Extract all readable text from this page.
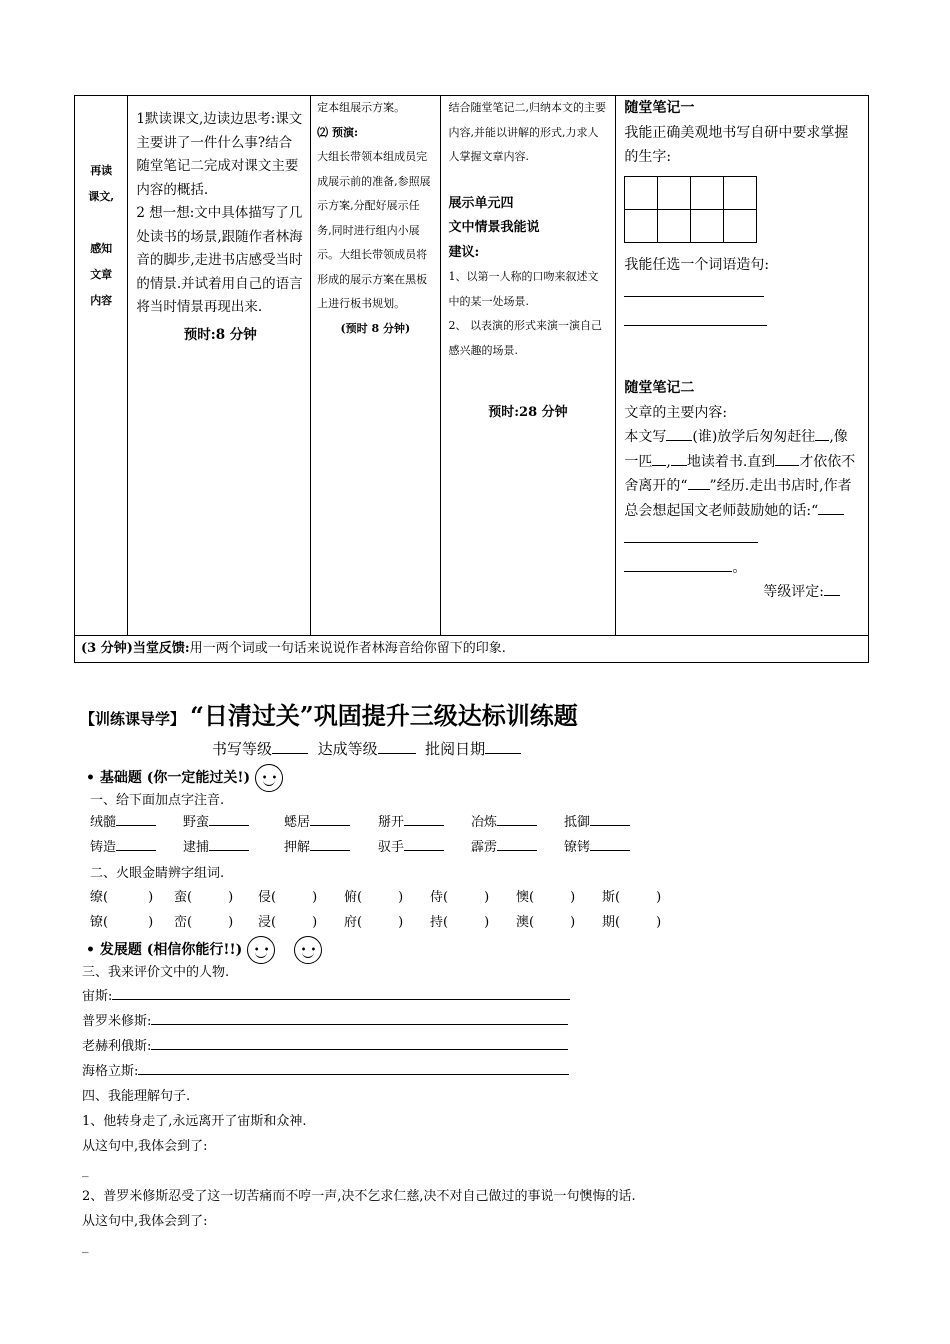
再读
课文,
感知
文章
内容

1默读课文,边读边思考:课文主要讲了一件什么事?结合随堂笔记二完成对课文主要内容的概括.
2 想一想:文中具体描写了几处读书的场景,跟随作者林海音的脚步,走进书店感受当时的情景.并试着用自己的语言将当时情景再现出来.
预时:8 分钟

定本组展示方案。
⑵ 预演:
大组长带领本组成员完成展示前的准备,参照展示方案,分配好展示任务,同时进行组内小展示。大组长带领成员将形成的展示方案在黑板上进行板书规划。
(预时 8 分钟)

结合随堂笔记二,归纳本文的主要内容,并能以讲解的形式,力求人人掌握文章内容.
展示单元四
文中情景我能说
建议:
1、以第一人称的口吻来叙述文中的某一处场景.
2、 以表演的形式来演一演自己感兴趣的场景.
预时:28 分钟

随堂笔记一
我能正确美观地书写自研中要求掌握的生字:

我能任选一个词语造句:
随堂笔记二
文章的主要内容:
本文写 (谁)放学后匆匆赶往 ,像一匹 , 地读着书.直到 才依依不舍离开的“ ”经历.走出书店时,作者总会想起国文老师鼓励她的话:“
。
等级评定:

(3 分钟)当堂反馈:用一两个词或一句话来说说作者林海音给你留下的印象.
【训练课导学】 “日清过关”巩固提升三级达标训练题
书写等级	达成等级	批阅日期
• 基础题 (你一定能过关!) • •
一、给下面加点字注音.
绒髓	野蛮	蟋居	掰开	冶炼	抵御
铸造	逮捕	押解	驭手	霹雳	镣铐
二、火眼金睛辨字组词.
缭(	) 蛮(	) 侵(	) 俯(	) 侍(	) 懊(	) 斯(	)
镣(	) 峦(	) 浸(	) 府(	) 持(	) 澳(	) 期(	)
• 发展题 (相信你能行!!) • • • •
三、我来评价文中的人物.
宙斯:
普罗米修斯:
老赫利俄斯:
海格立斯:
四、我能理解句子.
1、他转身走了,永远离开了宙斯和众神.
从这句中,我体会到了:
_
2、普罗米修斯忍受了这一切苦痛而不哼一声,决不乞求仁慈,决不对自己做过的事说一句懊悔的话.
从这句中,我体会到了:
_
